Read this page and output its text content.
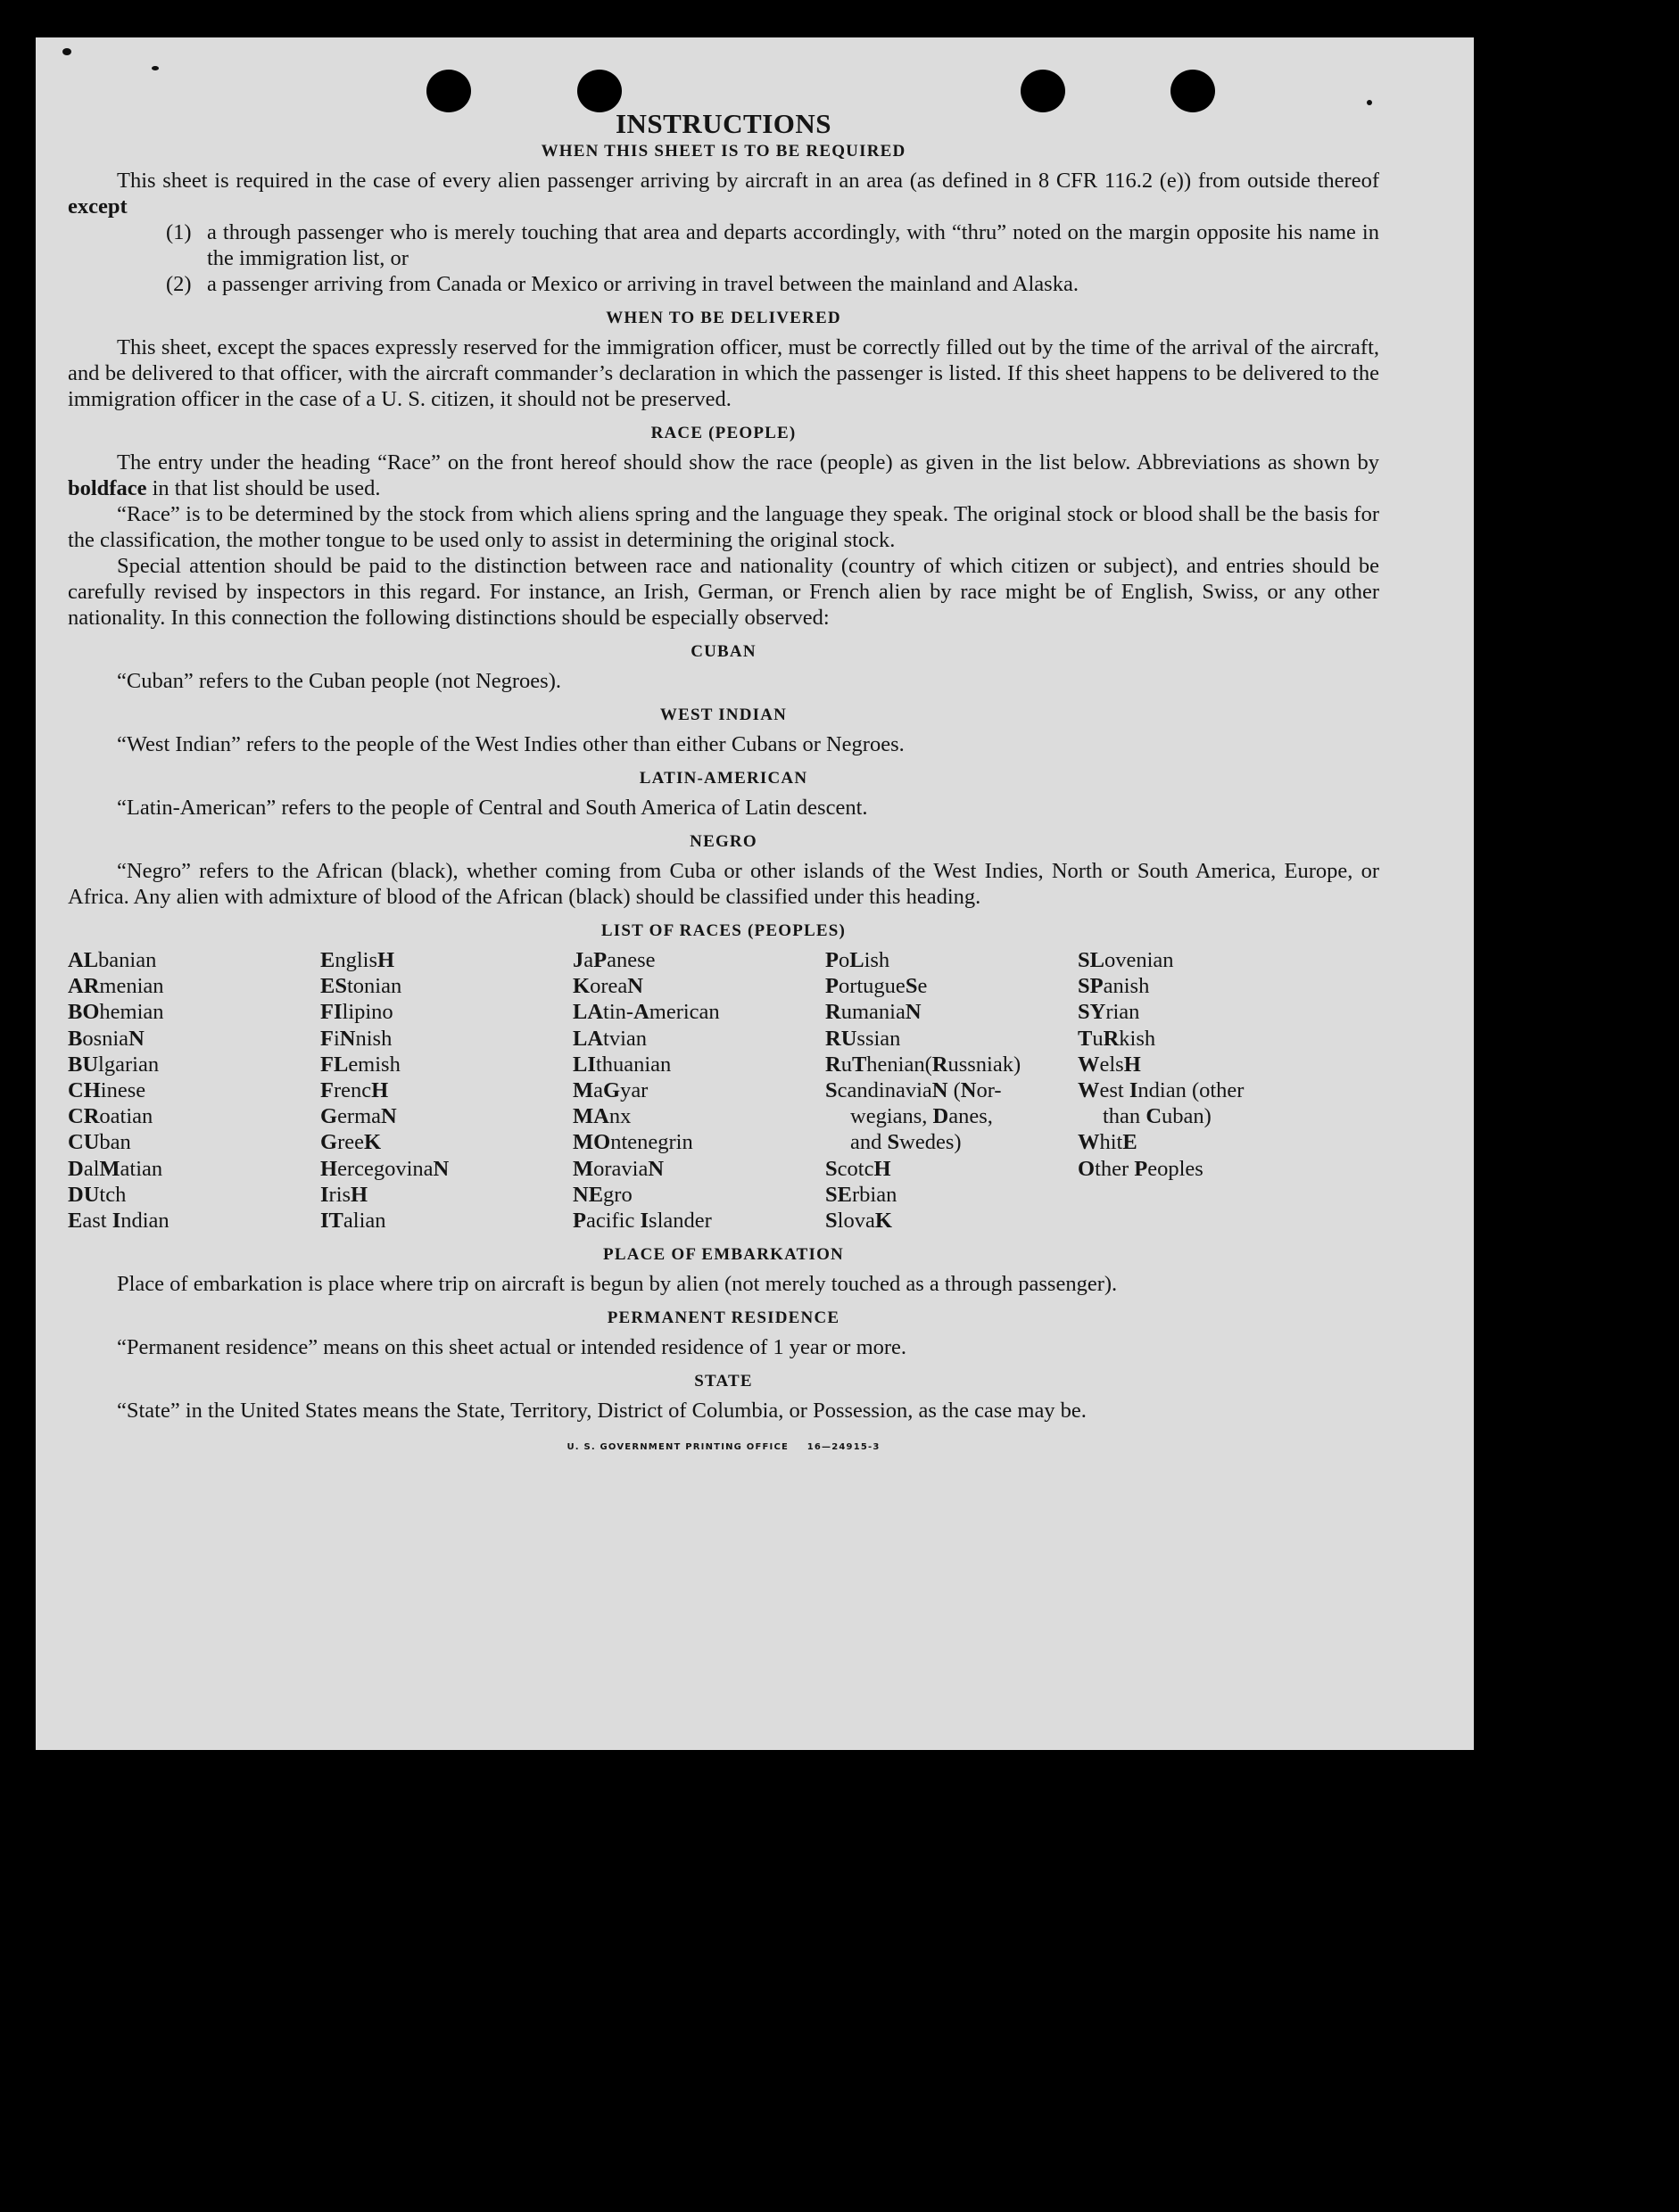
INSTRUCTIONS
WHEN THIS SHEET IS TO BE REQUIRED

This sheet is required in the case of every alien passenger arriving by aircraft in an area (as defined in 8 CFR 116.2 (e)) from outside thereof except

(1) a through passenger who is merely touching that area and departs accordingly, with “thru” noted on the margin opposite his name in the immigration list, or
(2) a passenger arriving from Canada or Mexico or arriving in travel between the mainland and Alaska.
WHEN TO BE DELIVERED

This sheet, except the spaces expressly reserved for the immigration officer, must be correctly filled out by the time of the arrival of the aircraft, and be delivered to that officer, with the aircraft commander’s declaration in which the passenger is listed. If this sheet happens to be delivered to the immigration officer in the case of a U. S. citizen, it should not be preserved.

RACE (PEOPLE)

The entry under the heading “Race” on the front hereof should show the race (people) as given in the list below. Abbreviations as shown by boldface in that list should be used.

“Race” is to be determined by the stock from which aliens spring and the language they speak. The original stock or blood shall be the basis for the classification, the mother tongue to be used only to assist in determining the original stock.

Special attention should be paid to the distinction between race and nationality (country of which citizen or subject), and entries should be carefully revised by inspectors in this regard. For instance, an Irish, German, or French alien by race might be of English, Swiss, or any other nationality. In this connection the following distinctions should be especially observed:

CUBAN

“Cuban” refers to the Cuban people (not Negroes).

WEST INDIAN

“West Indian” refers to the people of the West Indies other than either Cubans or Negroes.

LATIN-AMERICAN

“Latin-American” refers to the people of Central and South America of Latin descent.

NEGRO

“Negro” refers to the African (black), whether coming from Cuba or other islands of the West Indies, North or South America, Europe, or Africa. Any alien with admixture of blood of the African (black) should be classified under this heading.

LIST OF RACES (PEOPLES)
ALbanian
ARmenian
BOhemian
BosniaN
BUlgarian
CHinese
CRoatian
CUban
DalMatian
DUtch
East Indian
EnglisH
EStonian
FIlipino
FiNnish
FLemish
FrencH
GermaN
GreeK
HercegovinaN
IrisH
ITalian
JaPanese
KoreaN
LAtin-American
LAtvian
LIthuanian
MaGyar
MAnx
MOntenegrin
MoraviaN
NEgro
Pacific Islander
PoLish
PortugueSe
RumaniaN
RUssian
RuThenian(Russniak)
ScandinaviaN (Nor-
wegians, Danes,
and Swedes)
ScotcH
SErbian
SlovaK
SLovenian
SPanish
SYrian
TuRkish
WelsH
West Indian (other
than Cuban)
WhitE
Other Peoples
PLACE OF EMBARKATION

Place of embarkation is place where trip on aircraft is begun by alien (not merely touched as a through passenger).

PERMANENT RESIDENCE

“Permanent residence” means on this sheet actual or intended residence of 1 year or more.

STATE

“State” in the United States means the State, Territory, District of Columbia, or Possession, as the case may be.

U. S. GOVERNMENT PRINTING OFFICE 16—24915-3
